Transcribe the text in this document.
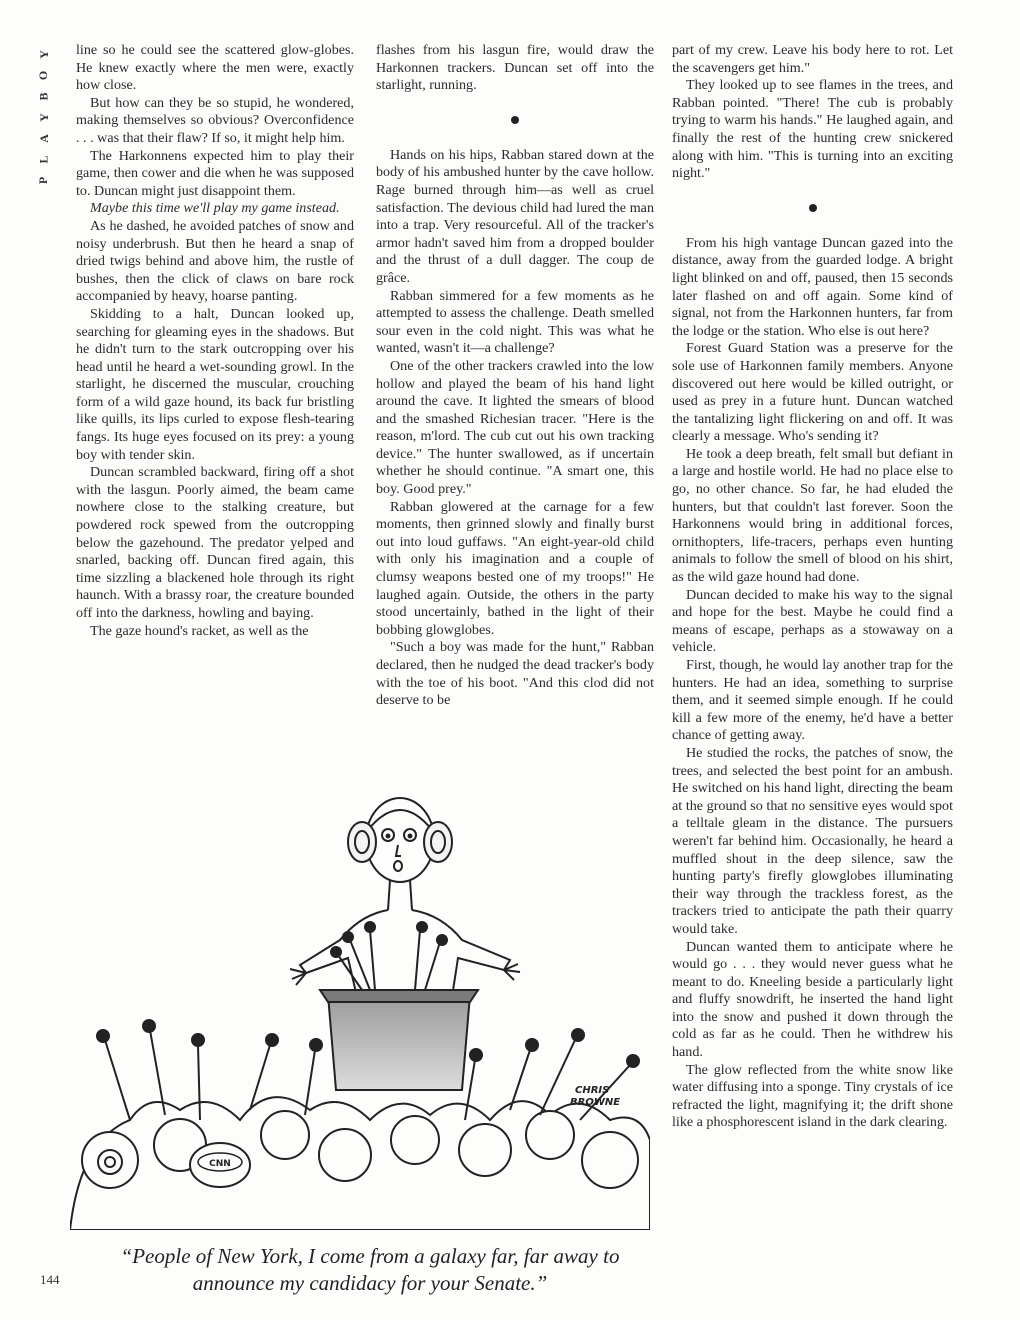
Y
O
B
Y
A
L
P

line so he could see the scattered glow-globes. He knew exactly where the men were, exactly how close.

But how can they be so stupid, he wondered, making themselves so obvious? Overconfidence . . . was that their flaw? If so, it might help him.

The Harkonnens expected him to play their game, then cower and die when he was supposed to. Duncan might just disappoint them.

Maybe this time we'll play my game instead.

As he dashed, he avoided patches of snow and noisy underbrush. But then he heard a snap of dried twigs behind and above him, the rustle of bushes, then the click of claws on bare rock accompanied by heavy, hoarse panting.

Skidding to a halt, Duncan looked up, searching for gleaming eyes in the shadows. But he didn't turn to the stark outcropping over his head until he heard a wet-sounding growl. In the starlight, he discerned the muscular, crouching form of a wild gaze hound, its back fur bristling like quills, its lips curled to expose flesh-tearing fangs. Its huge eyes focused on its prey: a young boy with tender skin.

Duncan scrambled backward, firing off a shot with the lasgun. Poorly aimed, the beam came nowhere close to the stalking creature, but powdered rock spewed from the outcropping below the gazehound. The predator yelped and snarled, backing off. Duncan fired again, this time sizzling a blackened hole through its right haunch. With a brassy roar, the creature bounded off into the darkness, howling and baying.

The gaze hound's racket, as well as the

flashes from his lasgun fire, would draw the Harkonnen trackers. Duncan set off into the starlight, running.

Hands on his hips, Rabban stared down at the body of his ambushed hunter by the cave hollow. Rage burned through him—as well as cruel satisfaction. The devious child had lured the man into a trap. Very resourceful. All of the tracker's armor hadn't saved him from a dropped boulder and the thrust of a dull dagger. The coup de grâce.

Rabban simmered for a few moments as he attempted to assess the challenge. Death smelled sour even in the cold night. This was what he wanted, wasn't it—a challenge?

One of the other trackers crawled into the low hollow and played the beam of his hand light around the cave. It lighted the smears of blood and the smashed Richesian tracer. "Here is the reason, m'lord. The cub cut out his own tracking device." The hunter swallowed, as if uncertain whether he should continue. "A smart one, this boy. Good prey."

Rabban glowered at the carnage for a few moments, then grinned slowly and finally burst out into loud guffaws. "An eight-year-old child with only his imagination and a couple of clumsy weapons bested one of my troops!" He laughed again. Outside, the others in the party stood uncertainly, bathed in the light of their bobbing glowglobes.

"Such a boy was made for the hunt," Rabban declared, then he nudged the dead tracker's body with the toe of his boot. "And this clod did not deserve to be

part of my crew. Leave his body here to rot. Let the scavengers get him."

They looked up to see flames in the trees, and Rabban pointed. "There! The cub is probably trying to warm his hands." He laughed again, and finally the rest of the hunting crew snickered along with him. "This is turning into an exciting night."

From his high vantage Duncan gazed into the distance, away from the guarded lodge. A bright light blinked on and off, paused, then 15 seconds later flashed on and off again. Some kind of signal, not from the Harkonnen hunters, far from the lodge or the station. Who else is out here?

Forest Guard Station was a preserve for the sole use of Harkonnen family members. Anyone discovered out here would be killed outright, or used as prey in a future hunt. Duncan watched the tantalizing light flickering on and off. It was clearly a message. Who's sending it?

He took a deep breath, felt small but defiant in a large and hostile world. He had no place else to go, no other chance. So far, he had eluded the hunters, but that couldn't last forever. Soon the Harkonnens would bring in additional forces, ornithopters, life-tracers, perhaps even hunting animals to follow the smell of blood on his shirt, as the wild gaze hound had done.

Duncan decided to make his way to the signal and hope for the best. Maybe he could find a means of escape, perhaps as a stowaway on a vehicle.

First, though, he would lay another trap for the hunters. He had an idea, something to surprise them, and it seemed simple enough. If he could kill a few more of the enemy, he'd have a better chance of getting away.

He studied the rocks, the patches of snow, the trees, and selected the best point for an ambush. He switched on his hand light, directing the beam at the ground so that no sensitive eyes would spot a telltale gleam in the distance. The pursuers weren't far behind him. Occasionally, he heard a muffled shout in the deep silence, saw the hunting party's firefly glowglobes illuminating their way through the trackless forest, as the trackers tried to anticipate the path their quarry would take.

Duncan wanted them to anticipate where he would go . . . they would never guess what he meant to do. Kneeling beside a particularly light and fluffy snowdrift, he inserted the hand light into the snow and pushed it down through the cold as far as he could. Then he withdrew his hand.

The glow reflected from the white snow like water diffusing into a sponge. Tiny crystals of ice refracted the light, magnifying it; the drift shone like a phosphorescent island in the dark clearing.

CNN
CHRIS
BROWNE
“People of New York, I come from a galaxy far, far away to announce my candidacy for your Senate.”
144
